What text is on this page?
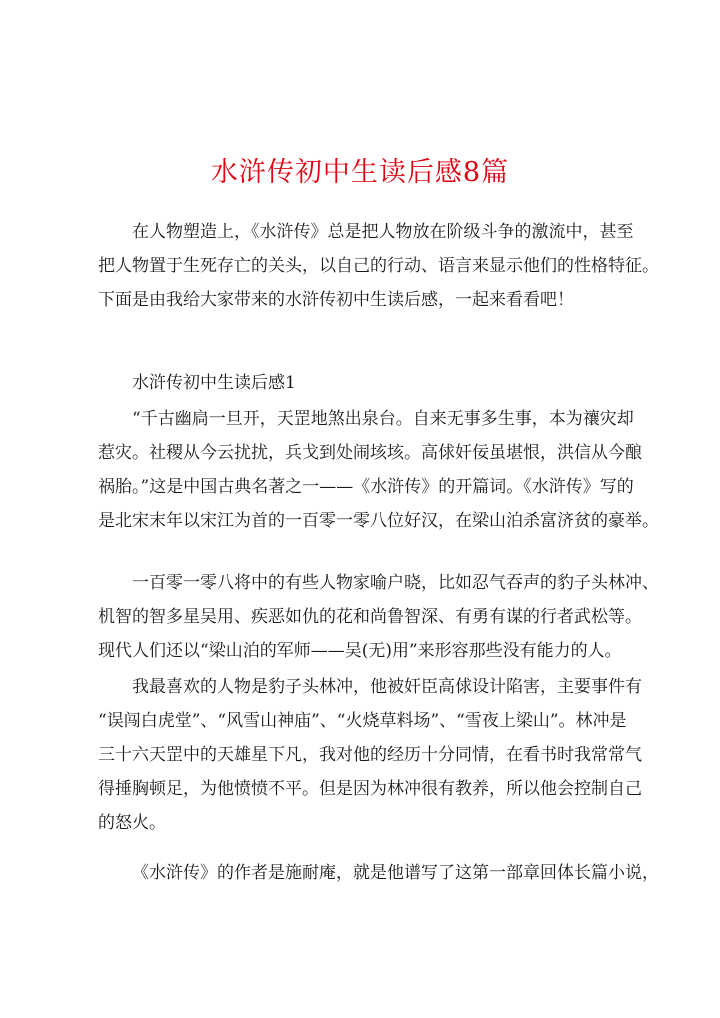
水浒传初中生读后感8篇

在人物塑造上，《水浒传》总是把人物放在阶级斗争的激流中，甚至
把人物置于生死存亡的关头，以自己的行动、语言来显示他们的性格特征。
下面是由我给大家带来的水浒传初中生读后感，一起来看看吧！

水浒传初中生读后感1

“千古幽扃一旦开，天罡地煞出泉台。自来无事多生事，本为禳灾却
惹灾。社稷从今云扰扰，兵戈到处闹垓垓。高俅奸佞虽堪恨，洪信从今酿
祸胎。”这是中国古典名著之一——《水浒传》的开篇词。《水浒传》写的
是北宋末年以宋江为首的一百零一零八位好汉，在梁山泊杀富济贫的豪举。

一百零一零八将中的有些人物家喻户晓，比如忍气吞声的豹子头林冲、
机智的智多星吴用、疾恶如仇的花和尚鲁智深、有勇有谋的行者武松等。
现代人们还以“梁山泊的军师——吴(无)用”来形容那些没有能力的人。

我最喜欢的人物是豹子头林冲，他被奸臣高俅设计陷害，主要事件有
“误闯白虎堂”、“风雪山神庙”、“火烧草料场”、“雪夜上梁山”。林冲是
三十六天罡中的天雄星下凡，我对他的经历十分同情，在看书时我常常气
得捶胸顿足，为他愤愤不平。但是因为林冲很有教养，所以他会控制自己
的怒火。

《水浒传》的作者是施耐庵，就是他谱写了这第一部章回体长篇小说，
